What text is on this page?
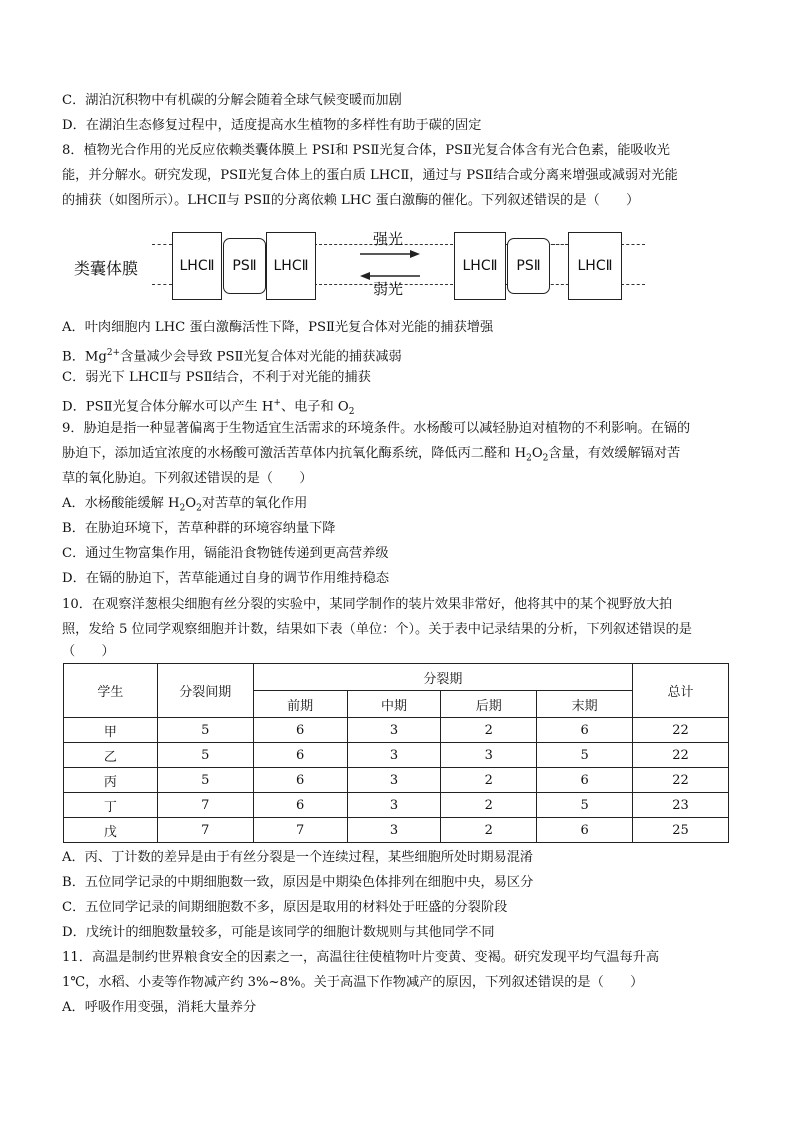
C．湖泊沉积物中有机碳的分解会随着全球气候变暖而加剧
D．在湖泊生态修复过程中，适度提高水生植物的多样性有助于碳的固定
8．植物光合作用的光反应依赖类囊体膜上 PSⅠ和 PSⅡ光复合体，PSⅡ光复合体含有光合色素，能吸收光
能，并分解水。研究发现，PSⅡ光复合体上的蛋白质 LHCⅡ，通过与 PSⅡ结合或分离来增强或减弱对光能
的捕获（如图所示）。LHCⅡ与 PSⅡ的分离依赖 LHC 蛋白激酶的催化。下列叙述错误的是（　　）
类囊体膜	LHCⅡ	PSⅡ	LHCⅡ
强光
弱光
LHCⅡ	PSⅡ	LHCⅡ
A．叶肉细胞内 LHC 蛋白激酶活性下降，PSⅡ光复合体对光能的捕获增强
B．$Mg^{2+}$含量减少会导致 PSⅡ光复合体对光能的捕获减弱
C．弱光下 LHCⅡ与 PSⅡ结合，不利于对光能的捕获
D．PSⅡ光复合体分解水可以产生 H+、电子和 $O_2$
9．胁迫是指一种显著偏离于生物适宜生活需求的环境条件。水杨酸可以减轻胁迫对植物的不利影响。在镉的
胁迫下，添加适宜浓度的水杨酸可激活苦草体内抗氧化酶系统，降低丙二醛和 $H_2O_2$含量，有效缓解镉对苦
草的氧化胁迫。下列叙述错误的是（　　）
A．水杨酸能缓解 $H_2O_2$对苦草的氧化作用
B．在胁迫环境下，苦草种群的环境容纳量下降
C．通过生物富集作用，镉能沿食物链传递到更高营养级
D．在镉的胁迫下，苦草能通过自身的调节作用维持稳态
10．在观察洋葱根尖细胞有丝分裂的实验中，某同学制作的装片效果非常好，他将其中的某个视野放大拍
照，发给 5 位同学观察细胞并计数，结果如下表（单位：个）。关于表中记录结果的分析，下列叙述错误的是
（　　）
学生	分裂间期	分裂期				总计
		前期	中期	后期	末期	
甲	5	6	3	2	6	22
乙	5	6	3	3	5	22
丙	5	6	3	2	6	22
丁	7	6	3	2	5	23
戊	7	7	3	2	6	25
A．丙、丁计数的差异是由于有丝分裂是一个连续过程，某些细胞所处时期易混淆
B．五位同学记录的中期细胞数一致，原因是中期染色体排列在细胞中央，易区分
C．五位同学记录的间期细胞数不多，原因是取用的材料处于旺盛的分裂阶段
D．戊统计的细胞数量较多，可能是该同学的细胞计数规则与其他同学不同
11．高温是制约世界粮食安全的因素之一，高温往往使植物叶片变黄、变褐。研究发现平均气温每升高
1℃，水稻、小麦等作物减产约 3%~8%。关于高温下作物减产的原因，下列叙述错误的是（　　）
A．呼吸作用变强，消耗大量养分
